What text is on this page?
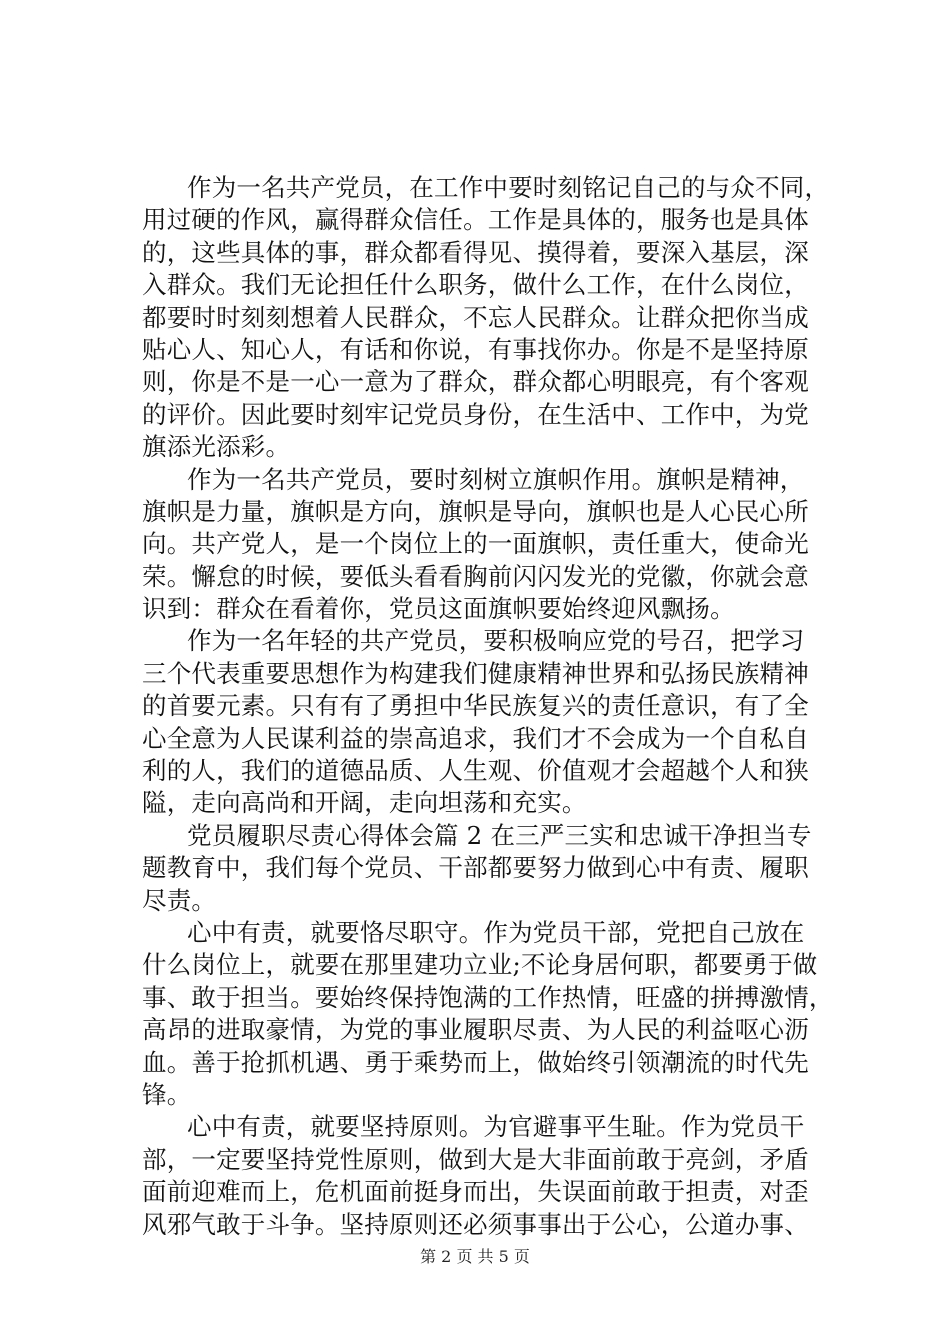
作为一名共产党员，在工作中要时刻铭记自己的与众不同，
用过硬的作风，赢得群众信任。工作是具体的，服务也是具体
的，这些具体的事，群众都看得见、摸得着，要深入基层，深
入群众。我们无论担任什么职务，做什么工作，在什么岗位，
都要时时刻刻想着人民群众，不忘人民群众。让群众把你当成
贴心人、知心人，有话和你说，有事找你办。你是不是坚持原
则，你是不是一心一意为了群众，群众都心明眼亮，有个客观
的评价。因此要时刻牢记党员身份，在生活中、工作中，为党
旗添光添彩。
作为一名共产党员，要时刻树立旗帜作用。旗帜是精神，
旗帜是力量，旗帜是方向，旗帜是导向，旗帜也是人心民心所
向。共产党人，是一个岗位上的一面旗帜，责任重大，使命光
荣。懈怠的时候，要低头看看胸前闪闪发光的党徽，你就会意
识到：群众在看着你，党员这面旗帜要始终迎风飘扬。
作为一名年轻的共产党员，要积极响应党的号召，把学习
三个代表重要思想作为构建我们健康精神世界和弘扬民族精神
的首要元素。只有有了勇担中华民族复兴的责任意识，有了全
心全意为人民谋利益的崇高追求，我们才不会成为一个自私自
利的人，我们的道德品质、人生观、价值观才会超越个人和狭
隘，走向高尚和开阔，走向坦荡和充实。
党员履职尽责心得体会篇 2 在三严三实和忠诚干净担当专
题教育中，我们每个党员、干部都要努力做到心中有责、履职
尽责。
心中有责，就要恪尽职守。作为党员干部，党把自己放在
什么岗位上，就要在那里建功立业;不论身居何职，都要勇于做
事、敢于担当。要始终保持饱满的工作热情，旺盛的拼搏激情，
高昂的进取豪情，为党的事业履职尽责、为人民的利益呕心沥
血。善于抢抓机遇、勇于乘势而上，做始终引领潮流的时代先
锋。
心中有责，就要坚持原则。为官避事平生耻。作为党员干
部，一定要坚持党性原则，做到大是大非面前敢于亮剑，矛盾
面前迎难而上，危机面前挺身而出，失误面前敢于担责，对歪
风邪气敢于斗争。坚持原则还必须事事出于公心，公道办事、
第 2 页 共 5 页
